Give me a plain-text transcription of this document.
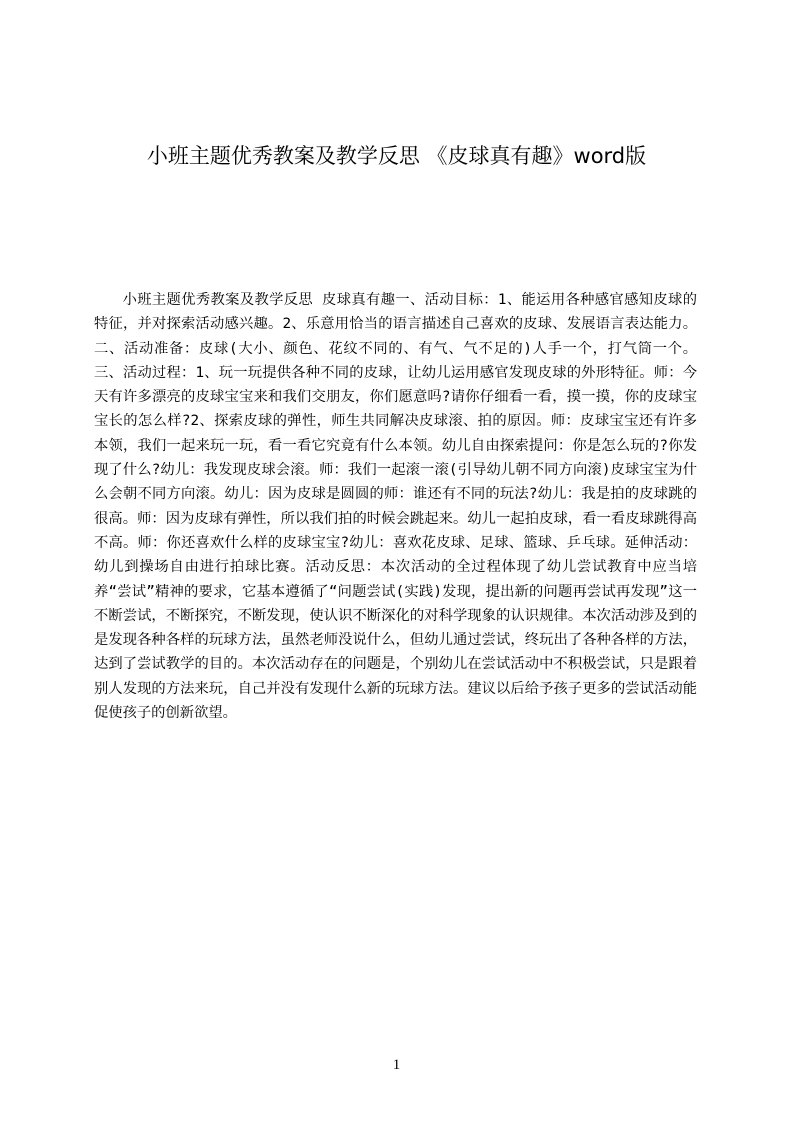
小班主题优秀教案及教学反思 《皮球真有趣》word版

小班主题优秀教案及教学反思 皮球真有趣一、活动目标：1、能运用各种感官感知皮球的特征，并对探索活动感兴趣。2、乐意用恰当的语言描述自己喜欢的皮球、发展语言表达能力。二、活动准备：皮球(大小、颜色、花纹不同的、有气、气不足的)人手一个，打气筒一个。三、活动过程：1、玩一玩提供各种不同的皮球，让幼儿运用感官发现皮球的外形特征。师：今天有许多漂亮的皮球宝宝来和我们交朋友，你们愿意吗?请你仔细看一看，摸一摸，你的皮球宝宝长的怎么样?2、探索皮球的弹性，师生共同解决皮球滚、拍的原因。师：皮球宝宝还有许多本领，我们一起来玩一玩，看一看它究竟有什么本领。幼儿自由探索提问：你是怎么玩的?你发现了什么?幼儿：我发现皮球会滚。师：我们一起滚一滚(引导幼儿朝不同方向滚)皮球宝宝为什么会朝不同方向滚。幼儿：因为皮球是圆圆的师：谁还有不同的玩法?幼儿：我是拍的皮球跳的很高。师：因为皮球有弹性，所以我们拍的时候会跳起来。幼儿一起拍皮球，看一看皮球跳得高不高。师：你还喜欢什么样的皮球宝宝?幼儿：喜欢花皮球、足球、篮球、乒乓球。延伸活动：幼儿到操场自由进行拍球比赛。活动反思：本次活动的全过程体现了幼儿尝试教育中应当培养“尝试”精神的要求，它基本遵循了“问题尝试(实践)发现，提出新的问题再尝试再发现”这一不断尝试，不断探究，不断发现，使认识不断深化的对科学现象的认识规律。本次活动涉及到的是发现各种各样的玩球方法，虽然老师没说什么，但幼儿通过尝试，终玩出了各种各样的方法，达到了尝试教学的目的。本次活动存在的问题是，个别幼儿在尝试活动中不积极尝试，只是跟着别人发现的方法来玩，自己并没有发现什么新的玩球方法。建议以后给予孩子更多的尝试活动能促使孩子的创新欲望。

1
